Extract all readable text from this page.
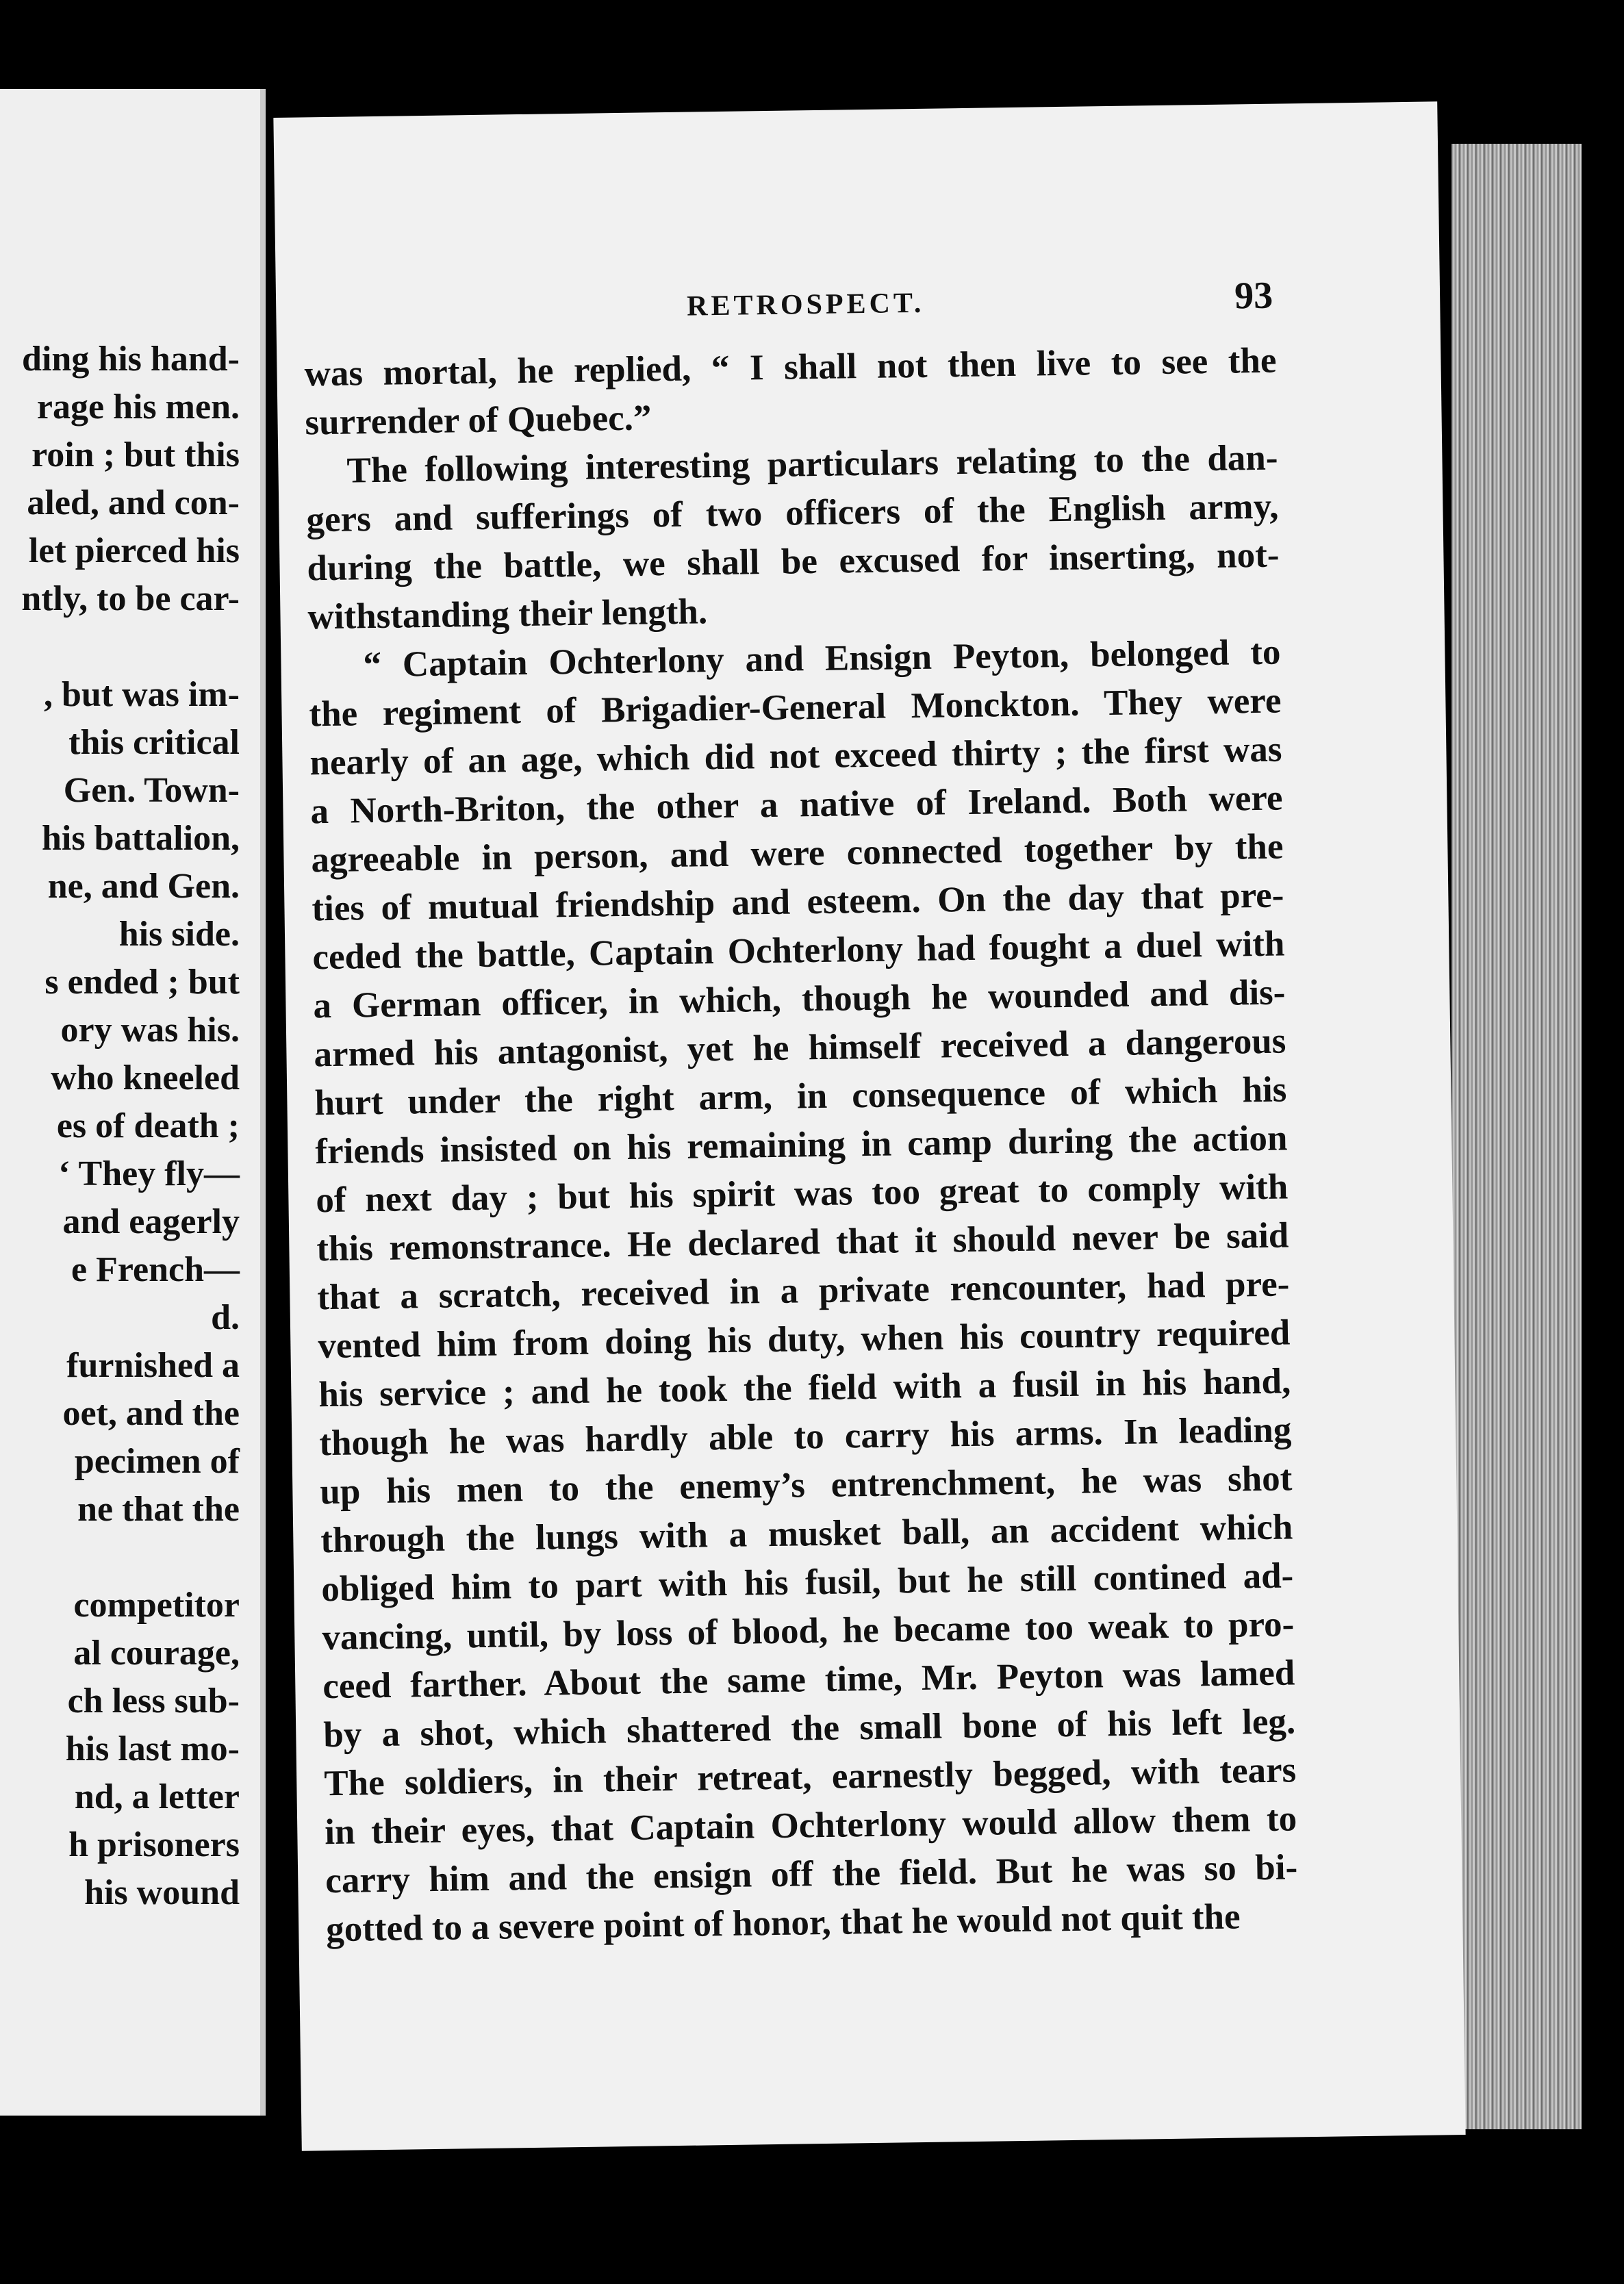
ding his hand-
rage his men.
roin ; but this
aled, and con-
let pierced his
ntly, to be car-
, but was im-
this critical
Gen. Town-
his battalion,
ne, and Gen.
his side.
s ended ; but
ory was his.
who kneeled
es of death ;
‘ They fly—
and eagerly
e French—
d.
furnished a
oet, and the
pecimen of
ne that the
competitor
al courage,
ch less sub-
his last mo-
nd, a letter
h prisoners
his wound
RETROSPECT.	93
was mortal, he replied, “ I shall not then live to see the
surrender of Quebec.”
The following interesting particulars relating to the dan-
gers and sufferings of two officers of the English army,
during the battle, we shall be excused for inserting, not-
withstanding their length.
“ Captain Ochterlony and Ensign Peyton, belonged to
the regiment of Brigadier-General Monckton. They were
nearly of an age, which did not exceed thirty ; the first was
a North-Briton, the other a native of Ireland. Both were
agreeable in person, and were connected together by the
ties of mutual friendship and esteem. On the day that pre-
ceded the battle, Captain Ochterlony had fought a duel with
a German officer, in which, though he wounded and dis-
armed his antagonist, yet he himself received a dangerous
hurt under the right arm, in consequence of which his
friends insisted on his remaining in camp during the action
of next day ; but his spirit was too great to comply with
this remonstrance. He declared that it should never be said
that a scratch, received in a private rencounter, had pre-
vented him from doing his duty, when his country required
his service ; and he took the field with a fusil in his hand,
though he was hardly able to carry his arms. In leading
up his men to the enemy’s entrenchment, he was shot
through the lungs with a musket ball, an accident which
obliged him to part with his fusil, but he still contined ad-
vancing, until, by loss of blood, he became too weak to pro-
ceed farther. About the same time, Mr. Peyton was lamed
by a shot, which shattered the small bone of his left leg.
The soldiers, in their retreat, earnestly begged, with tears
in their eyes, that Captain Ochterlony would allow them to
carry him and the ensign off the field. But he was so bi-
gotted to a severe point of honor, that he would not quit the
